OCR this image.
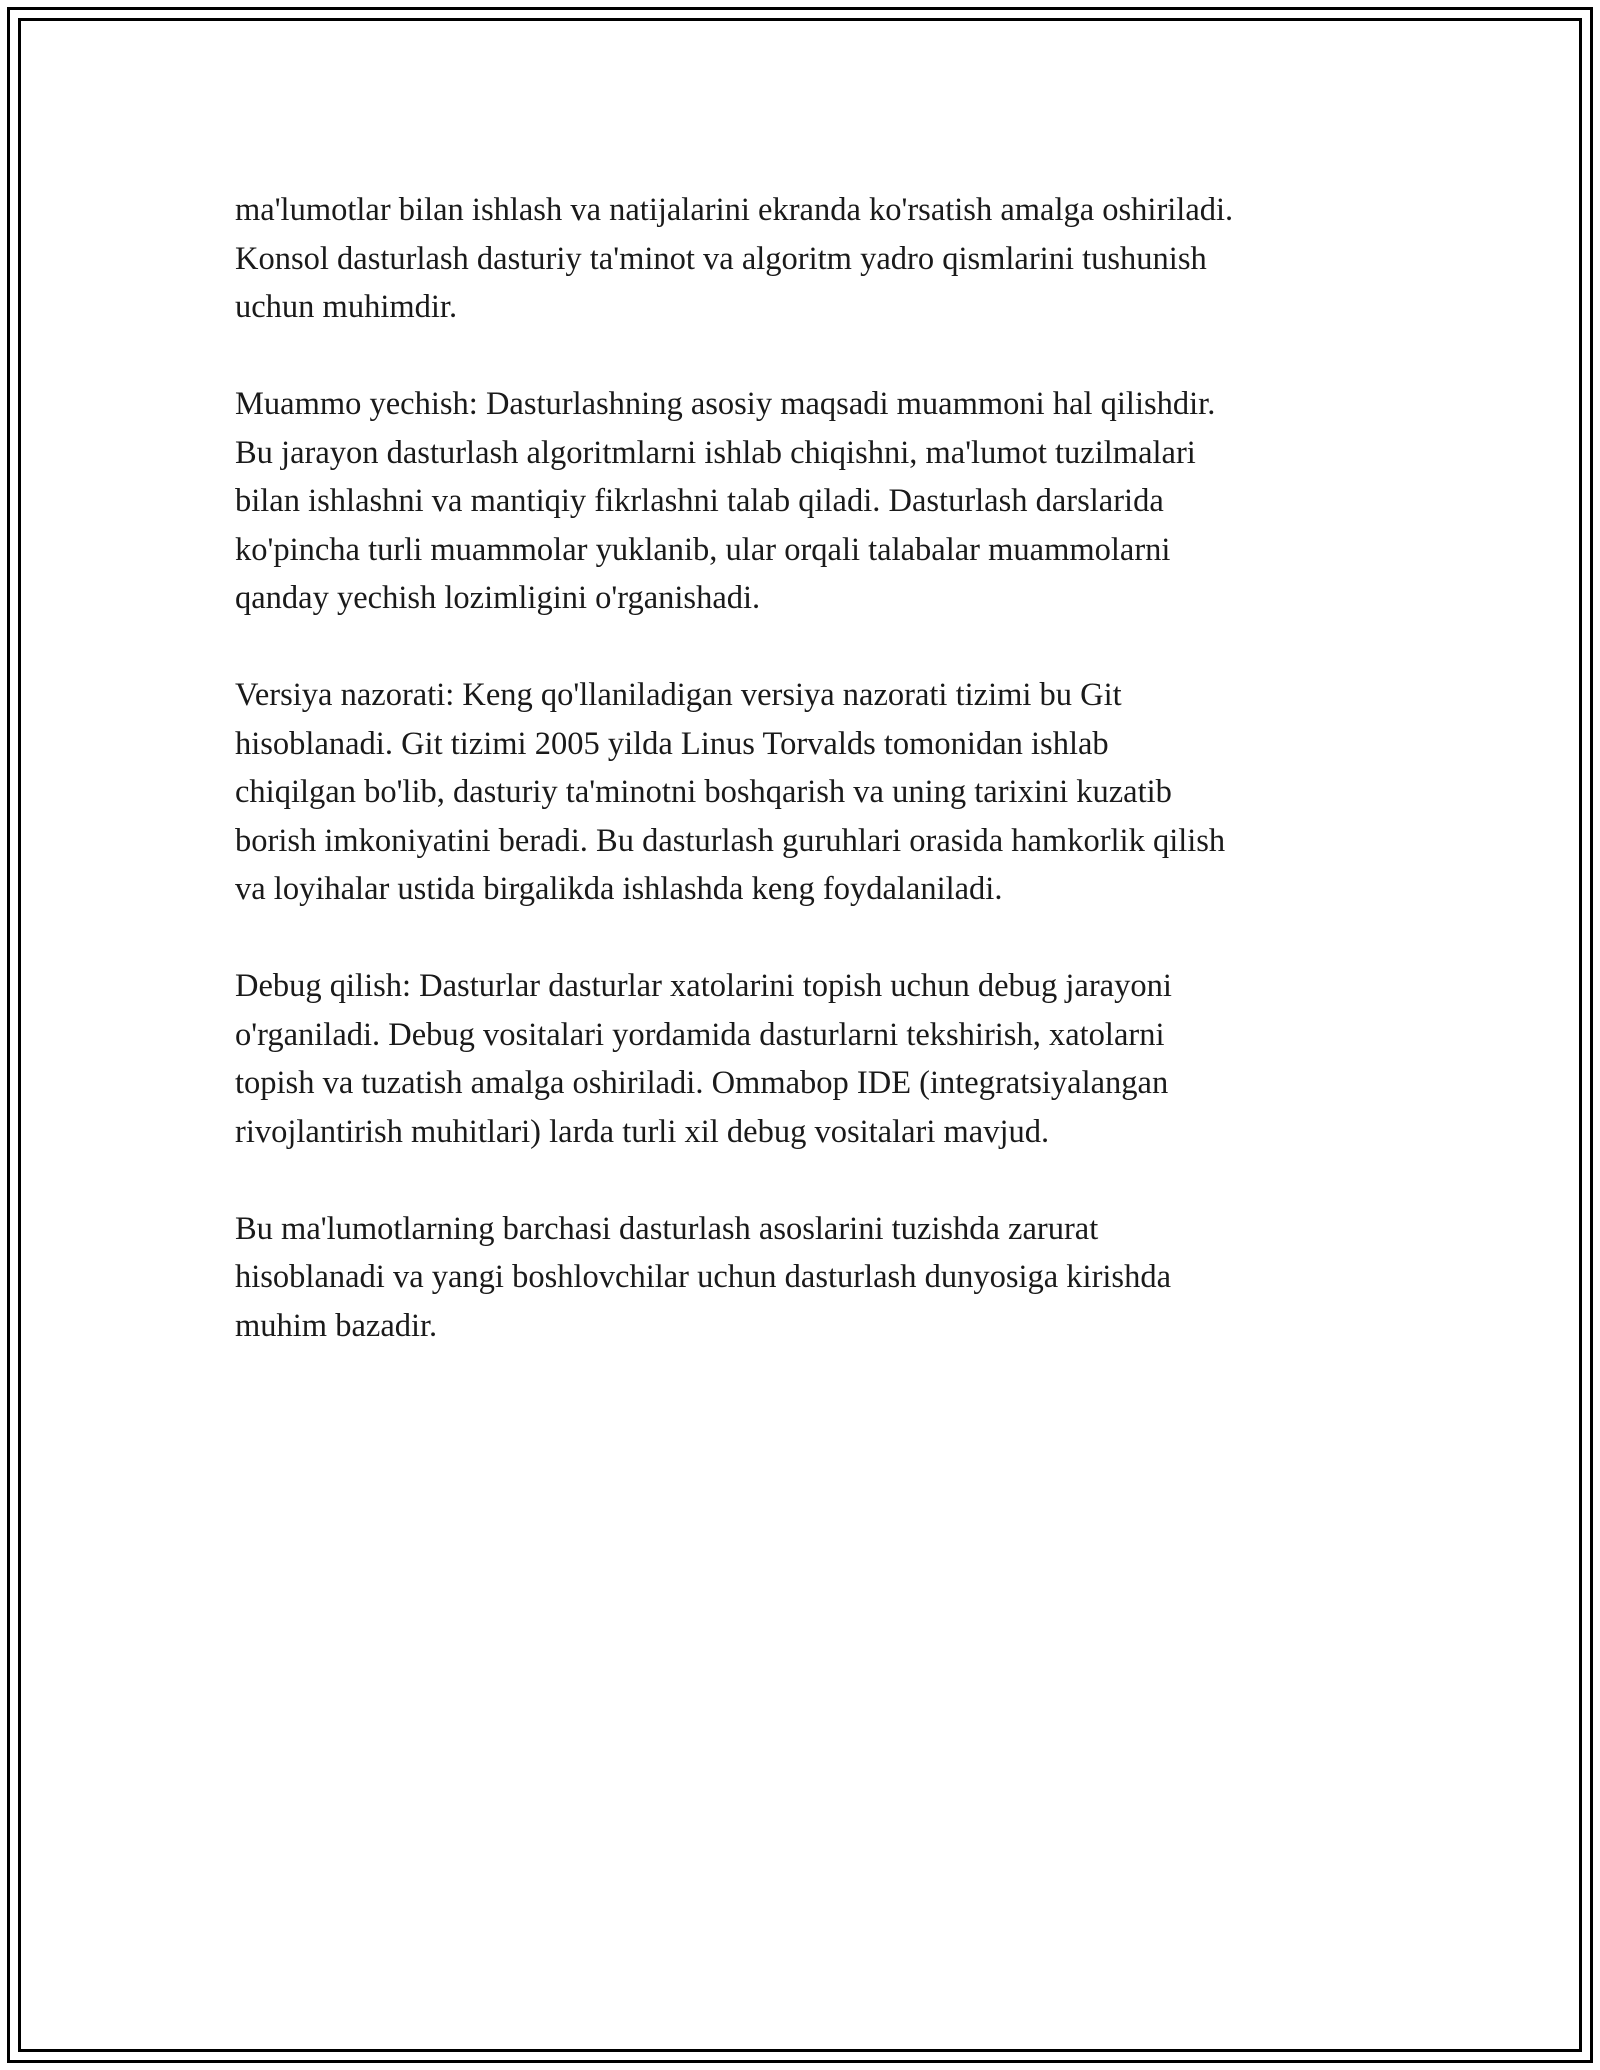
ma'lumotlar bilan ishlash va natijalarini ekranda ko'rsatish amalga oshiriladi.
Konsol dasturlash dasturiy ta'minot va algoritm yadro qismlarini tushunish
uchun muhimdir.

Muammo yechish: Dasturlashning asosiy maqsadi muammoni hal qilishdir.
Bu jarayon dasturlash algoritmlarni ishlab chiqishni, ma'lumot tuzilmalari
bilan ishlashni va mantiqiy fikrlashni talab qiladi. Dasturlash darslarida
ko'pincha turli muammolar yuklanib, ular orqali talabalar muammolarni
qanday yechish lozimligini o'rganishadi.

Versiya nazorati: Keng qo'llaniladigan versiya nazorati tizimi bu Git
hisoblanadi. Git tizimi 2005 yilda Linus Torvalds tomonidan ishlab
chiqilgan bo'lib, dasturiy ta'minotni boshqarish va uning tarixini kuzatib
borish imkoniyatini beradi. Bu dasturlash guruhlari orasida hamkorlik qilish
va loyihalar ustida birgalikda ishlashda keng foydalaniladi.

Debug qilish: Dasturlar dasturlar xatolarini topish uchun debug jarayoni
o'rganiladi. Debug vositalari yordamida dasturlarni tekshirish, xatolarni
topish va tuzatish amalga oshiriladi. Ommabop IDE (integratsiyalangan
rivojlantirish muhitlari) larda turli xil debug vositalari mavjud.

Bu ma'lumotlarning barchasi dasturlash asoslarini tuzishda zarurat
hisoblanadi va yangi boshlovchilar uchun dasturlash dunyosiga kirishda
muhim bazadir.
